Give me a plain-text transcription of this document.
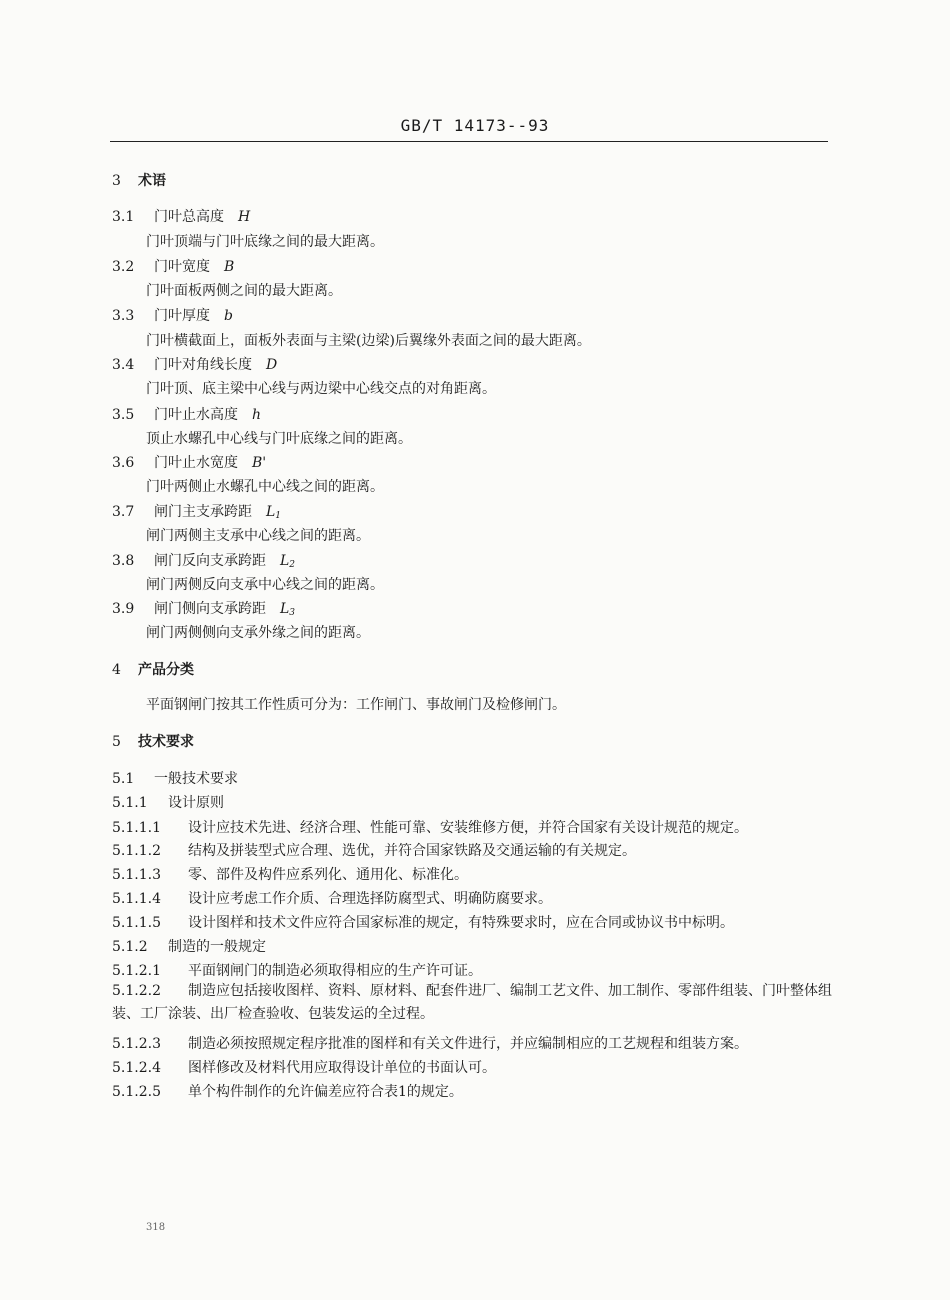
GB/T 14173--93
3 术语
3.1 门叶总高度 H
门叶顶端与门叶底缘之间的最大距离。
3.2 门叶宽度 B
门叶面板两侧之间的最大距离。
3.3 门叶厚度 b
门叶横截面上，面板外表面与主梁(边梁)后翼缘外表面之间的最大距离。
3.4 门叶对角线长度 D
门叶顶、底主梁中心线与两边梁中心线交点的对角距离。
3.5 门叶止水高度 h
顶止水螺孔中心线与门叶底缘之间的距离。
3.6 门叶止水宽度 B'
门叶两侧止水螺孔中心线之间的距离。
3.7 闸门主支承跨距 $L_1$
闸门两侧主支承中心线之间的距离。
3.8 闸门反向支承跨距 $L_2$
闸门两侧反向支承中心线之间的距离。
3.9 闸门侧向支承跨距 $L_3$
闸门两侧侧向支承外缘之间的距离。
4 产品分类
平面钢闸门按其工作性质可分为：工作闸门、事故闸门及检修闸门。
5 技术要求
5.1 一般技术要求
5.1.1 设计原则
5.1.1.1 设计应技术先进、经济合理、性能可靠、安装维修方便，并符合国家有关设计规范的规定。
5.1.1.2 结构及拼装型式应合理、选优，并符合国家铁路及交通运输的有关规定。
5.1.1.3 零、部件及构件应系列化、通用化、标准化。
5.1.1.4 设计应考虑工作介质、合理选择防腐型式、明确防腐要求。
5.1.1.5 设计图样和技术文件应符合国家标准的规定，有特殊要求时，应在合同或协议书中标明。
5.1.2 制造的一般规定
5.1.2.1 平面钢闸门的制造必须取得相应的生产许可证。
5.1.2.2 制造应包括接收图样、资料、原材料、配套件进厂、编制工艺文件、加工制作、零部件组装、门叶整体组装、工厂涂装、出厂检查验收、包装发运的全过程。
5.1.2.3 制造必须按照规定程序批准的图样和有关文件进行，并应编制相应的工艺规程和组装方案。
5.1.2.4 图样修改及材料代用应取得设计单位的书面认可。
5.1.2.5 单个构件制作的允许偏差应符合表1的规定。
318
